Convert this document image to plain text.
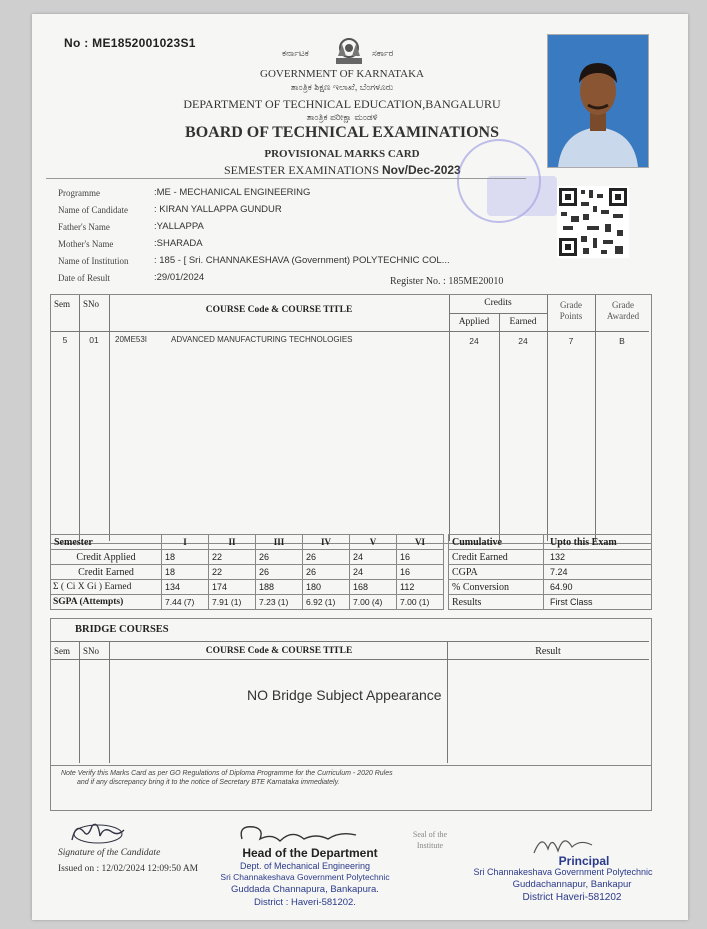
No : ME1852001023S1
ಕರ್ನಾಟಕ	ಸರ್ಕಾರ
GOVERNMENT OF KARNATAKA
ತಾಂತ್ರಿಕ ಶಿಕ್ಷಣ ಇಲಾಖೆ, ಬೆಂಗಳೂರು
DEPARTMENT OF TECHNICAL EDUCATION,BANGALURU
ತಾಂತ್ರಿಕ ಪರೀಕ್ಷಾ ಮಂಡಳಿ
BOARD OF TECHNICAL EXAMINATIONS
PROVISIONAL MARKS CARD
SEMESTER EXAMINATIONS Nov/Dec-2023
Programme	:ME - MECHANICAL ENGINEERING
Name of Candidate	: KIRAN YALLAPPA GUNDUR
Father's Name	:YALLAPPA
Mother's Name	:SHARADA
Name of Institution	: 185 - [ Sri. CHANNAKESHAVA (Government) POLYTECHNIC COL...
Date of Result	:29/01/2024	Register No. : 185ME20010
Sem SNo
COURSE Code & COURSE TITLE
Credits
Applied	Earned
Grade Points
Grade Awarded
5	01	20ME53I	ADVANCED MANUFACTURING TECHNOLOGIES	24	24	7	B
Semester	I	II	III	IV	V	VI
Credit Applied	18	22	26	26	24	16
Credit Earned	18	22	26	26	24	16
Σ ( Ci X Gi ) Earned	134	174	188	180	168	112
SGPA (Attempts)	7.44 (7)	7.91 (1)	7.23 (1)	6.92 (1)	7.00 (4)	7.00 (1)
Cumulative	Upto this Exam
Credit Earned	132
CGPA	7.24
% Conversion	64.90
Results	First Class
BRIDGE COURSES
Sem SNo	COURSE Code & COURSE TITLE	Result
NO Bridge Subject Appearance
Note Verify this Marks Card as per GO Regulations of Diploma Programme for the Curriculum - 2020 Rules
and if any discrepancy bring it to the notice of Secretary BTE Karnataka immediately.
Signature of the Candidate
Issued on : 12/02/2024 12:09:50 AM
Head of the Department
Dept. of Mechanical Engineering
Sri Channakeshava Government Polytechnic
Guddada Channapura, Bankapura.
District : Haveri-581202.
Seal of the Institute
Principal
Sri Channakeshava Government Polytechnic
Guddachannapur, Bankapur
District Haveri-581202
